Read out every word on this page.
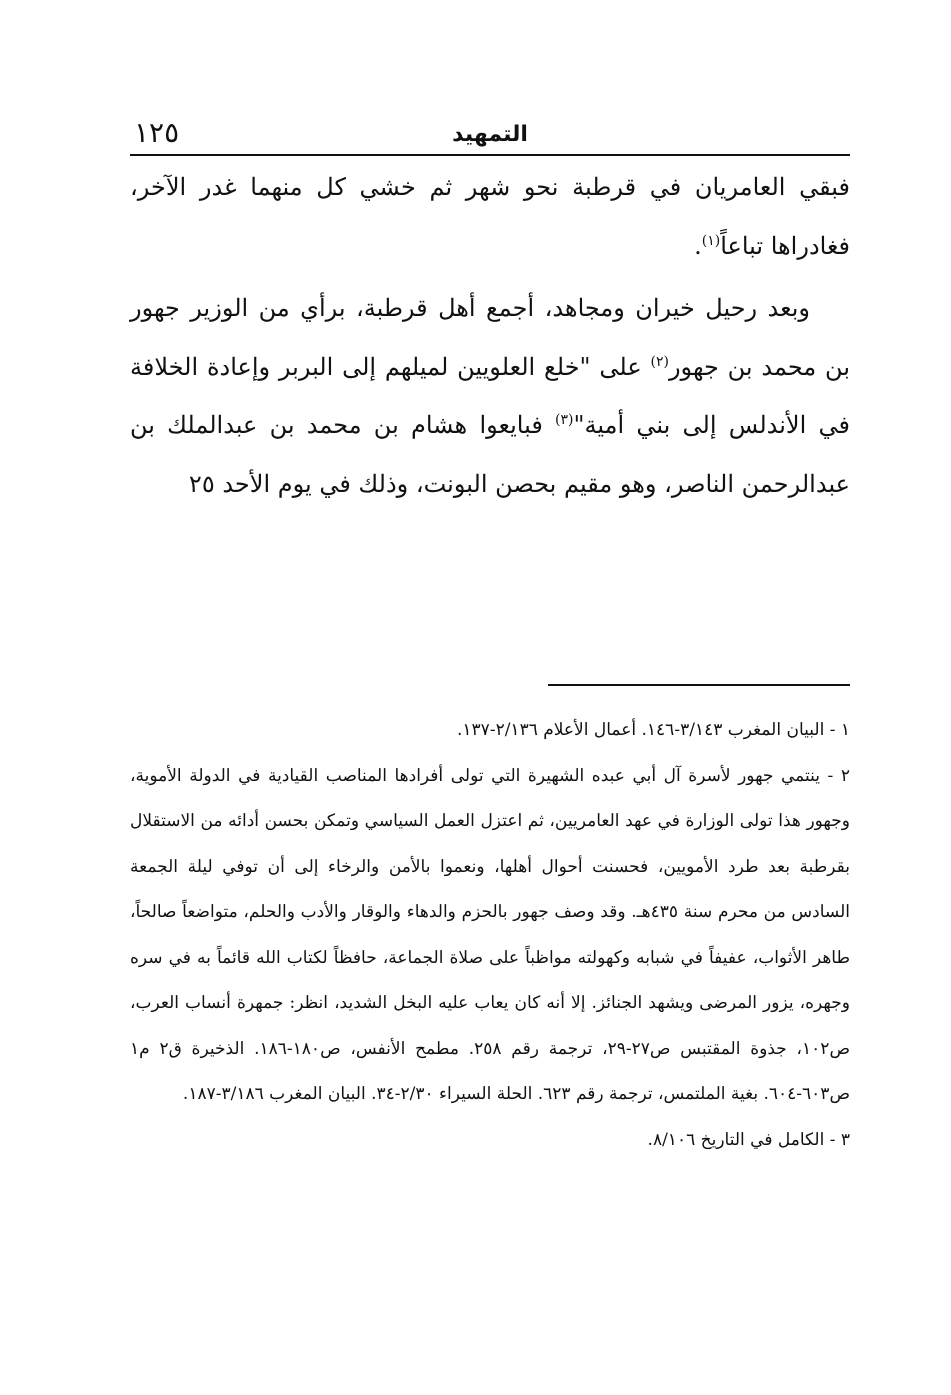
١٢٥	التمهيد

فبقي العامريان في قرطبة نحو شهر ثم خشي كل منهما غدر الآخر، فغادراها تباعاً$^{(١)}$.

وبعد رحيل خيران ومجاهد، أجمع أهل قرطبة، برأي من الوزير جهور بن محمد بن جهور$^{(٢)}$ على "خلع العلويين لميلهم إلى البربر وإعادة الخلافة في الأندلس إلى بني أمية"$^{(٣)}$ فبايعوا هشام بن محمد بن عبدالملك بن عبدالرحمن الناصر، وهو مقيم بحصن البونت، وذلك في يوم الأحد ٢٥

١ - البيان المغرب ٣/١٤٣-١٤٦. أعمال الأعلام ٢/١٣٦-١٣٧.

٢ - ينتمي جهور لأسرة آل أبي عبده الشهيرة التي تولى أفرادها المناصب القيادية في الدولة الأموية، وجهور هذا تولى الوزارة في عهد العامريين، ثم اعتزل العمل السياسي وتمكن بحسن أدائه من الاستقلال بقرطبة بعد طرد الأمويين، فحسنت أحوال أهلها، ونعموا بالأمن والرخاء إلى أن توفي ليلة الجمعة السادس من محرم سنة ٤٣٥هـ. وقد وصف جهور بالحزم والدهاء والوقار والأدب والحلم، متواضعاً صالحاً، طاهر الأثواب، عفيفاً في شبابه وكهولته مواظباً على صلاة الجماعة، حافظاً لكتاب الله قائماً به في سره وجهره، يزور المرضى ويشهد الجنائز. إلا أنه كان يعاب عليه البخل الشديد، انظر: جمهرة أنساب العرب، ص١٠٢، جذوة المقتبس ص٢٧-٢٩، ترجمة رقم ٢٥٨. مطمح الأنفس، ص١٨٠-١٨٦. الذخيرة ق٢ م١ ص٦٠٣-٦٠٤. بغية الملتمس، ترجمة رقم ٦٢٣. الحلة السيراء ٢/٣٠-٣٤. البيان المغرب ٣/١٨٦-١٨٧.

٣ - الكامل في التاريخ ٨/١٠٦.
